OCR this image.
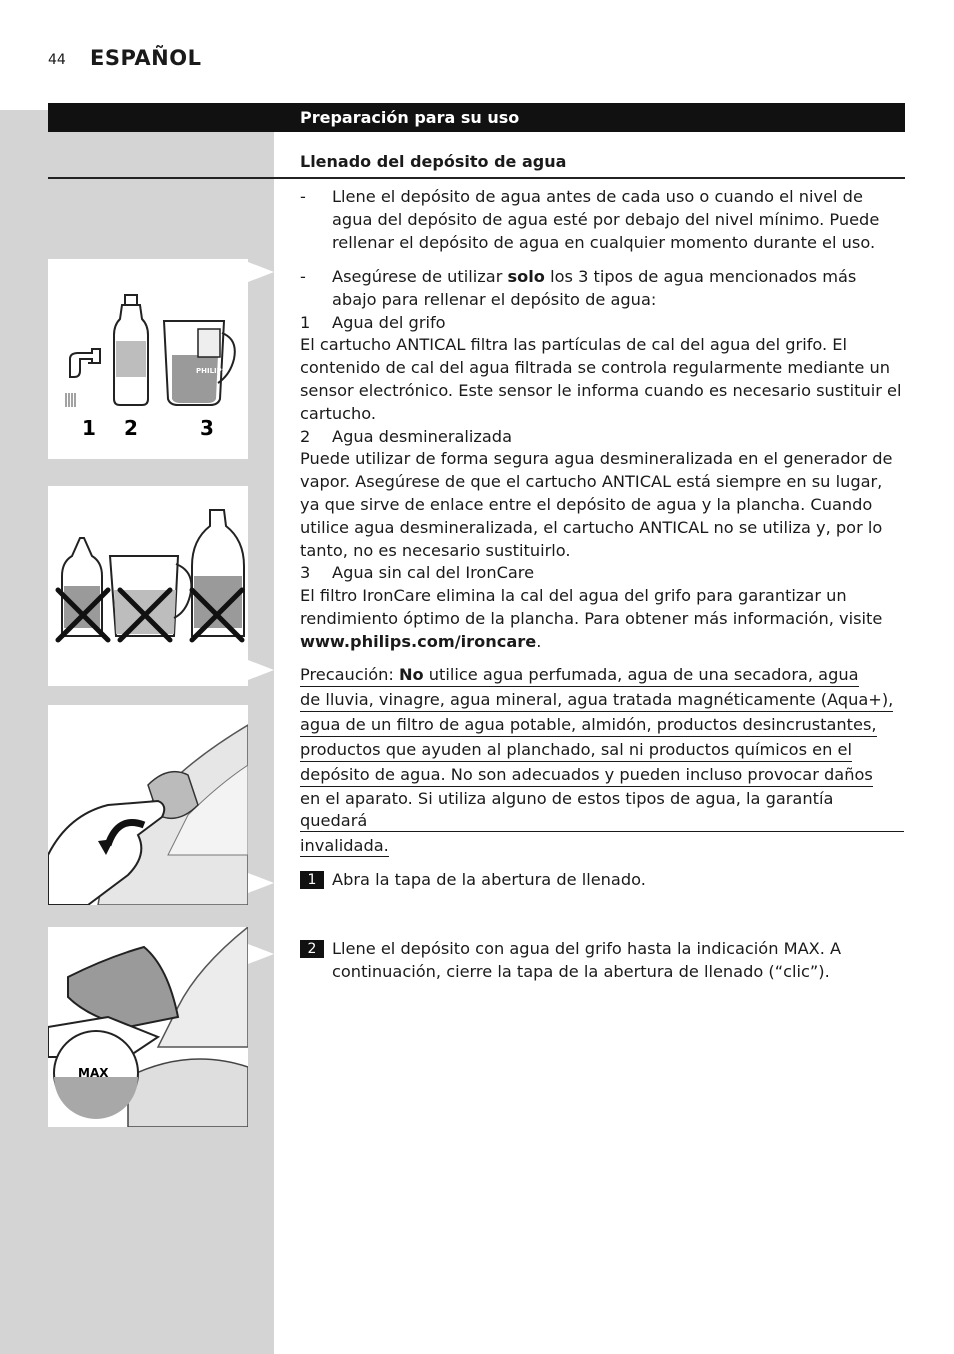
44 ESPAÑOL
Preparación para su uso
Llenado del depósito de agua
PHILIPS
1 2	3
MAX
- Llene el depósito de agua antes de cada uso o cuando el nivel de agua del depósito de agua esté por debajo del nivel mínimo. Puede rellenar el depósito de agua en cualquier momento durante el uso.
- Asegúrese de utilizar solo los 3 tipos de agua mencionados más abajo para rellenar el depósito de agua:
1 Agua del grifo

El cartucho ANTICAL filtra las partículas de cal del agua del grifo. El contenido de cal del agua filtrada se controla regularmente mediante un sensor electrónico. Este sensor le informa cuando es necesario sustituir el cartucho.

2 Agua desmineralizada

Puede utilizar de forma segura agua desmineralizada en el generador de vapor. Asegúrese de que el cartucho ANTICAL está siempre en su lugar, ya que sirve de enlace entre el depósito de agua y la plancha. Cuando utilice agua desmineralizada, el cartucho ANTICAL no se utiliza y, por lo tanto, no es necesario sustituirlo.

3 Agua sin cal del IronCare

El filtro IronCare elimina la cal del agua del grifo para garantizar un rendimiento óptimo de la plancha. Para obtener más información, visite www.philips.com/ironcare.

Precaución: No utilice agua perfumada, agua de una secadora, agua
de lluvia, vinagre, agua mineral, agua tratada magnéticamente (Aqua+),
agua de un filtro de agua potable, almidón, productos desincrustantes,
productos que ayuden al planchado, sal ni productos químicos en el
depósito de agua. No son adecuados y pueden incluso provocar daños
en el aparato. Si utiliza alguno de estos tipos de agua, la garantía quedará
invalidada.
1 Abra la tapa de la abertura de llenado.
2 Llene el depósito con agua del grifo hasta la indicación MAX. A continuación, cierre la tapa de la abertura de llenado (“clic”).
